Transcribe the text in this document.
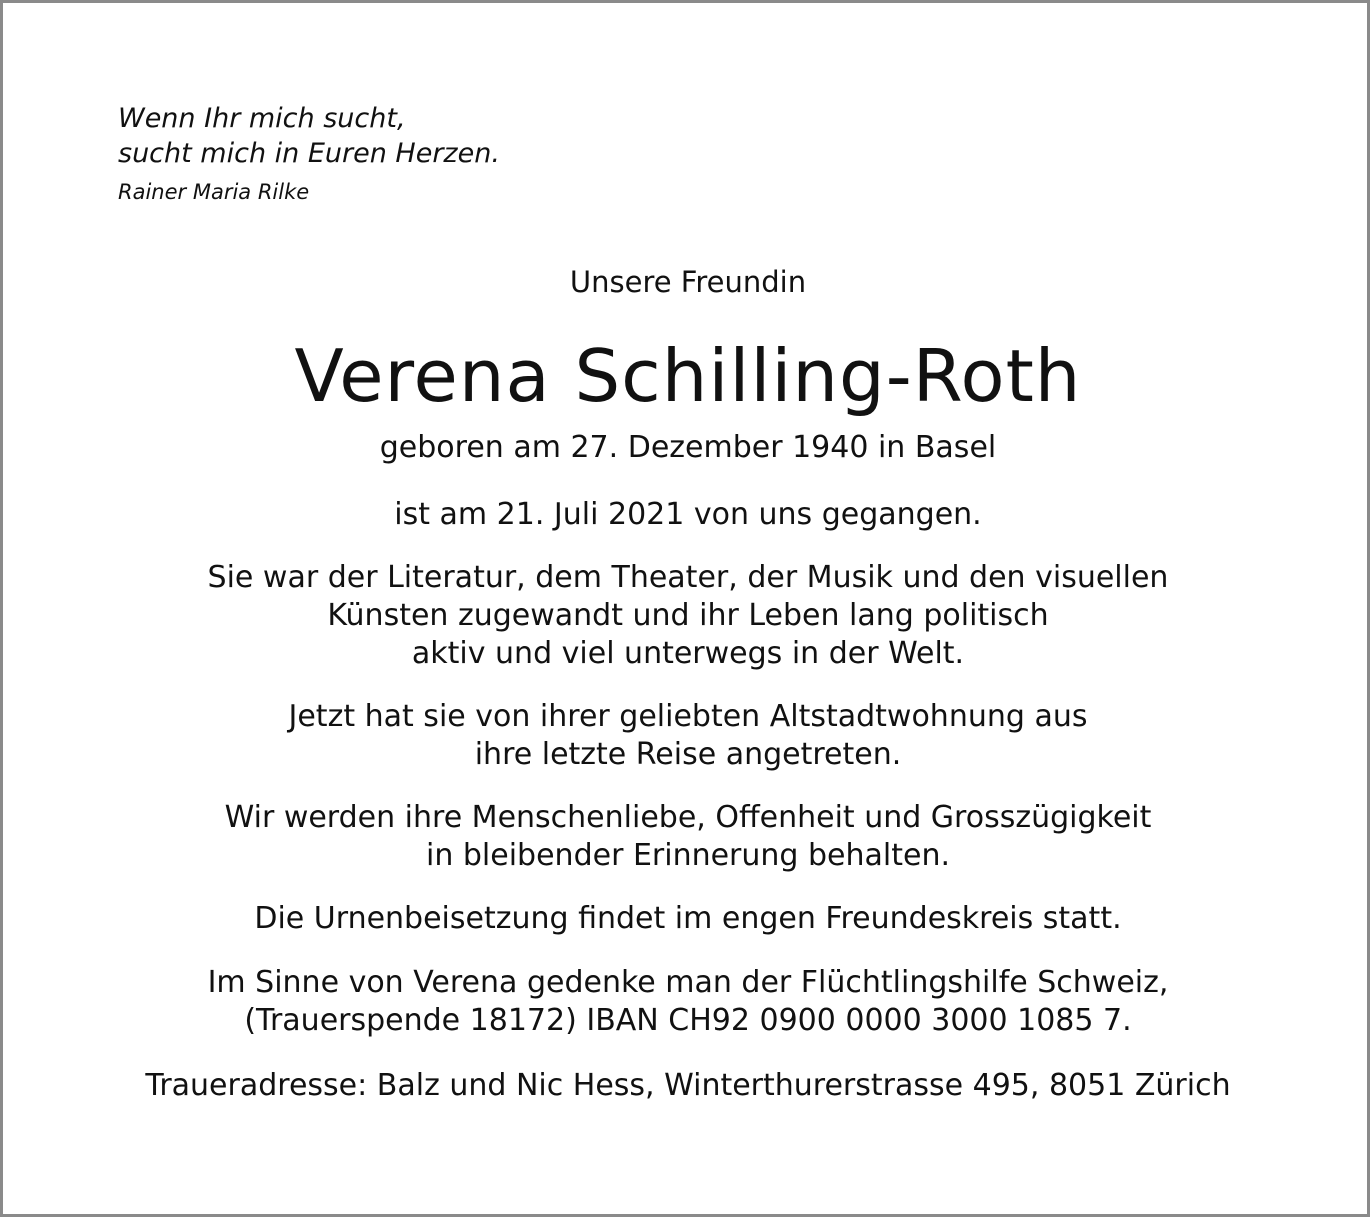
Wenn Ihr mich sucht,
sucht mich in Euren Herzen.
Rainer Maria Rilke
Unsere Freundin
Verena Schilling-Roth
geboren am 27. Dezember 1940 in Basel
ist am 21. Juli 2021 von uns gegangen.
Sie war der Literatur, dem Theater, der Musik und den visuellen
Künsten zugewandt und ihr Leben lang politisch
aktiv und viel unterwegs in der Welt.
Jetzt hat sie von ihrer geliebten Altstadtwohnung aus
ihre letzte Reise angetreten.
Wir werden ihre Menschenliebe, Offenheit und Grosszügigkeit
in bleibender Erinnerung behalten.
Die Urnenbeisetzung findet im engen Freundeskreis statt.
Im Sinne von Verena gedenke man der Flüchtlingshilfe Schweiz,
(Trauerspende 18172) IBAN CH92 0900 0000 3000 1085 7.
Traueradresse: Balz und Nic Hess, Winterthurerstrasse 495, 8051 Zürich
